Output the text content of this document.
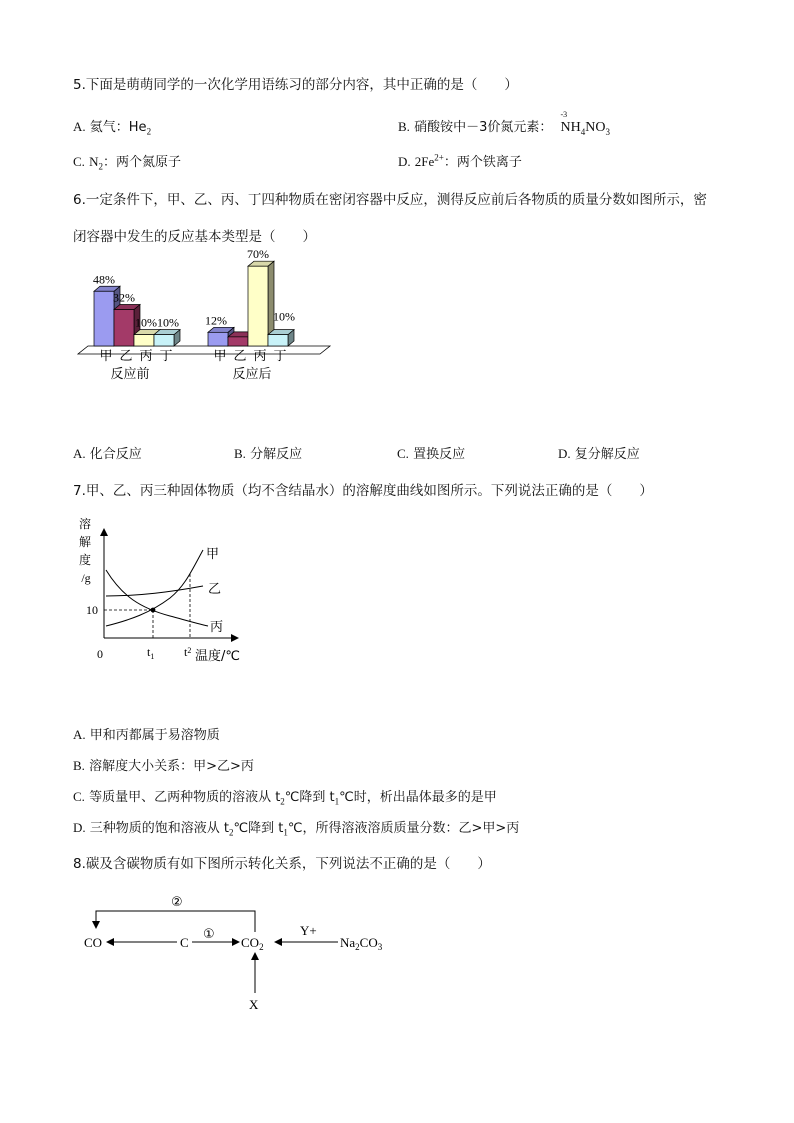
5.下面是萌萌同学的一次化学用语练习的部分内容，其中正确的是（　　）
A. 氦气：$He_2$	B. 硝酸铵中－3价氮元素：
-3
$NH_4NO_3$
C. $N_2$：两个氮原子	D. $2Fe^{2+}$：两个铁离子
6.一定条件下，甲、乙、丙、丁四种物质在密闭容器中反应，测得反应前后各物质的质量分数如图所示，密
闭容器中发生的反应基本类型是（　　）
48%
32%
10% 10% 12%
70%
10%
甲 乙 丙 丁	甲 乙 丙 丁
反应前	反应后
A. 化合反应	B. 分解反应	C. 置换反应	D. 复分解反应
7.甲、乙、丙三种固体物质（均不含结晶水）的溶解度曲线如图所示。下列说法正确的是（　　）
溶
解
度
/g
甲
乙
丙
10
0	$t_1$ $t^2$ 温度/℃
A. 甲和丙都属于易溶物质
B. 溶解度大小关系：甲>乙>丙
C. 等质量甲、乙两种物质的溶液从 $t_2℃$降到 $t_1℃$时，析出晶体最多的是甲
D. 三种物质的饱和溶液从 $t_2℃$降到 $t_1℃$，所得溶液溶质质量分数：乙>甲>丙
8.碳及含碳物质有如下图所示转化关系，下列说法不正确的是（　　）
②
①	Y+
CO	C	$CO_2$	$Na_2CO_3$
X
